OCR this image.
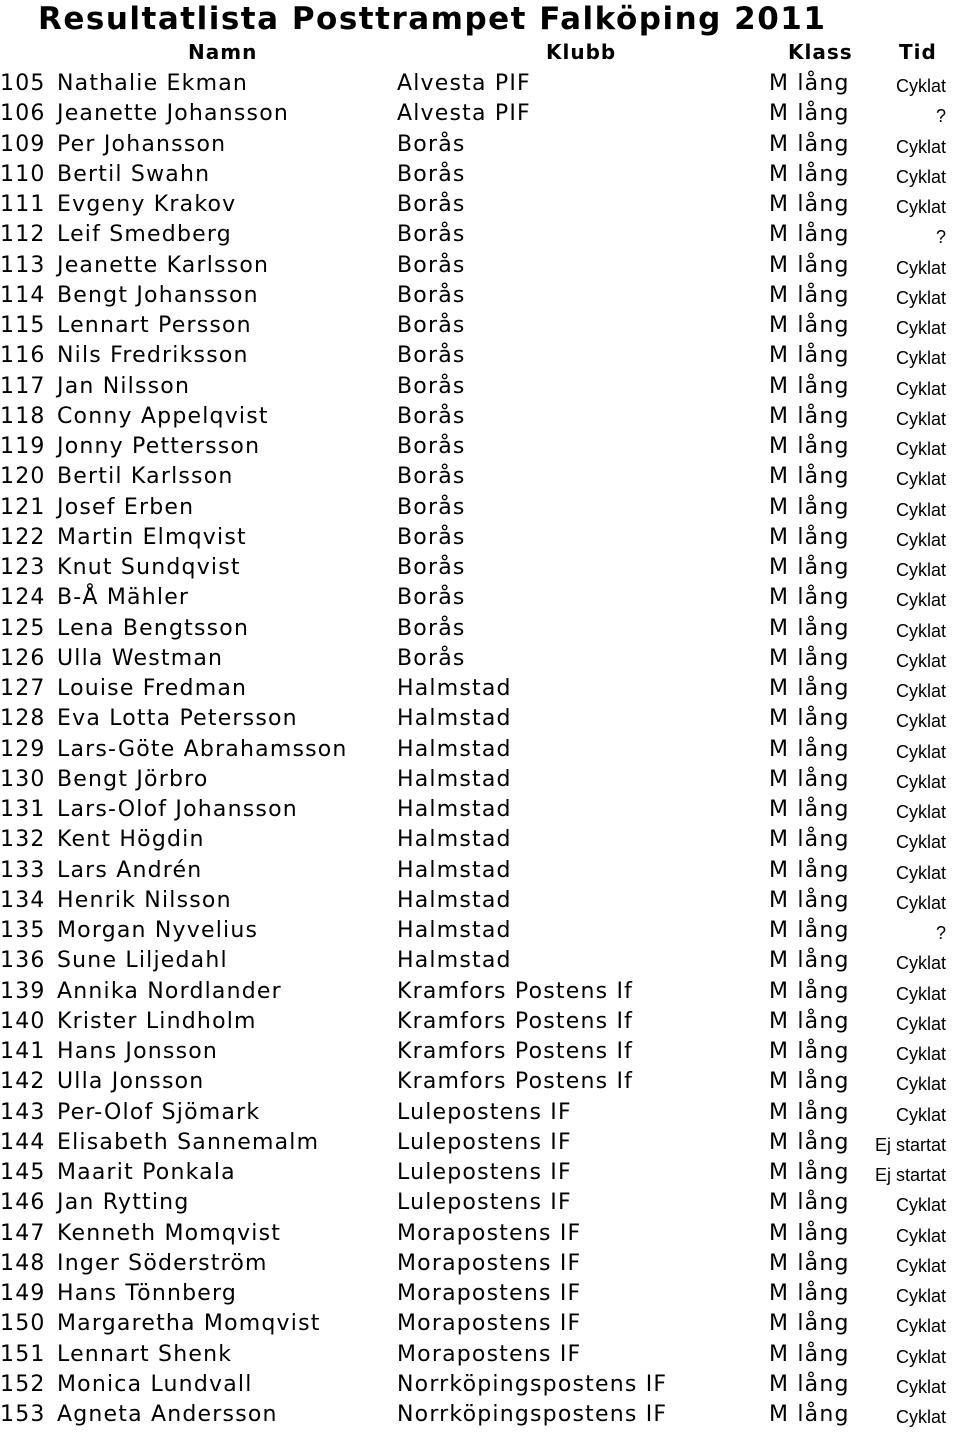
Resultatlista Posttrampet Falköping 2011
Namn	Klubb	Klass Tid
105 Nathalie Ekman	Alvesta PIF	M lång	Cyklat
106 Jeanette Johansson	Alvesta PIF	M lång	?
109 Per Johansson	Borås	M lång	Cyklat
110 Bertil Swahn	Borås	M lång	Cyklat
111 Evgeny Krakov	Borås	M lång	Cyklat
112 Leif Smedberg	Borås	M lång	?
113 Jeanette Karlsson	Borås	M lång	Cyklat
114 Bengt Johansson	Borås	M lång	Cyklat
115 Lennart Persson	Borås	M lång	Cyklat
116 Nils Fredriksson	Borås	M lång	Cyklat
117 Jan Nilsson	Borås	M lång	Cyklat
118 Conny Appelqvist	Borås	M lång	Cyklat
119 Jonny Pettersson	Borås	M lång	Cyklat
120 Bertil Karlsson	Borås	M lång	Cyklat
121 Josef Erben	Borås	M lång	Cyklat
122 Martin Elmqvist	Borås	M lång	Cyklat
123 Knut Sundqvist	Borås	M lång	Cyklat
124 B-Å Mähler	Borås	M lång	Cyklat
125 Lena Bengtsson	Borås	M lång	Cyklat
126 Ulla Westman	Borås	M lång	Cyklat
127 Louise Fredman	Halmstad	M lång	Cyklat
128 Eva Lotta Petersson	Halmstad	M lång	Cyklat
129 Lars-Göte Abrahamsson Halmstad	M lång	Cyklat
130 Bengt Jörbro	Halmstad	M lång	Cyklat
131 Lars-Olof Johansson	Halmstad	M lång	Cyklat
132 Kent Högdin	Halmstad	M lång	Cyklat
133 Lars Andrén	Halmstad	M lång	Cyklat
134 Henrik Nilsson	Halmstad	M lång	Cyklat
135 Morgan Nyvelius	Halmstad	M lång	?
136 Sune Liljedahl	Halmstad	M lång	Cyklat
139 Annika Nordlander	Kramfors Postens If	M lång	Cyklat
140 Krister Lindholm	Kramfors Postens If	M lång	Cyklat
141 Hans Jonsson	Kramfors Postens If	M lång	Cyklat
142 Ulla Jonsson	Kramfors Postens If	M lång	Cyklat
143 Per-Olof Sjömark	Lulepostens IF	M lång	Cyklat
144 Elisabeth Sannemalm	Lulepostens IF	M lång Ej startat
145 Maarit Ponkala	Lulepostens IF	M lång Ej startat
146 Jan Rytting	Lulepostens IF	M lång	Cyklat
147 Kenneth Momqvist	Morapostens IF	M lång	Cyklat
148 Inger Söderström	Morapostens IF	M lång	Cyklat
149 Hans Tönnberg	Morapostens IF	M lång	Cyklat
150 Margaretha Momqvist	Morapostens IF	M lång	Cyklat
151 Lennart Shenk	Morapostens IF	M lång	Cyklat
152 Monica Lundvall	Norrköpingspostens IF	M lång	Cyklat
153 Agneta Andersson	Norrköpingspostens IF	M lång	Cyklat
